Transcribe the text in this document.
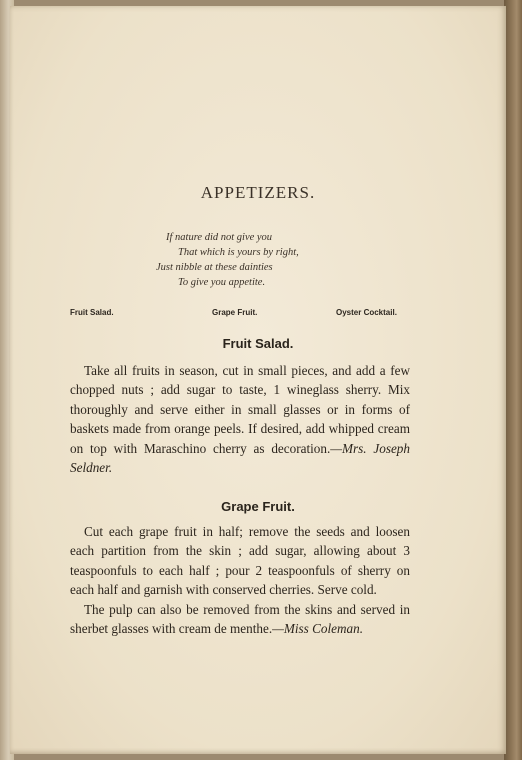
APPETIZERS.
If nature did not give you
That which is yours by right,
Just nibble at these dainties
To give you appetite.
Fruit Salad.	Grape Fruit.	Oyster Cocktail.
Fruit Salad.

Take all fruits in season, cut in small pieces, and add a few chopped nuts ; add sugar to taste, 1 wineglass sherry. Mix thoroughly and serve either in small glasses or in forms of baskets made from orange peels. If desired, add whipped cream on top with Maraschino cherry as decoration.—Mrs. Joseph Seldner.

Grape Fruit.

Cut each grape fruit in half; remove the seeds and loosen each partition from the skin ; add sugar, allowing about 3 teaspoonfuls to each half ; pour 2 teaspoonfuls of sherry on each half and garnish with conserved cherries. Serve cold.

The pulp can also be removed from the skins and served in sherbet glasses with cream de menthe.—Miss Coleman.
